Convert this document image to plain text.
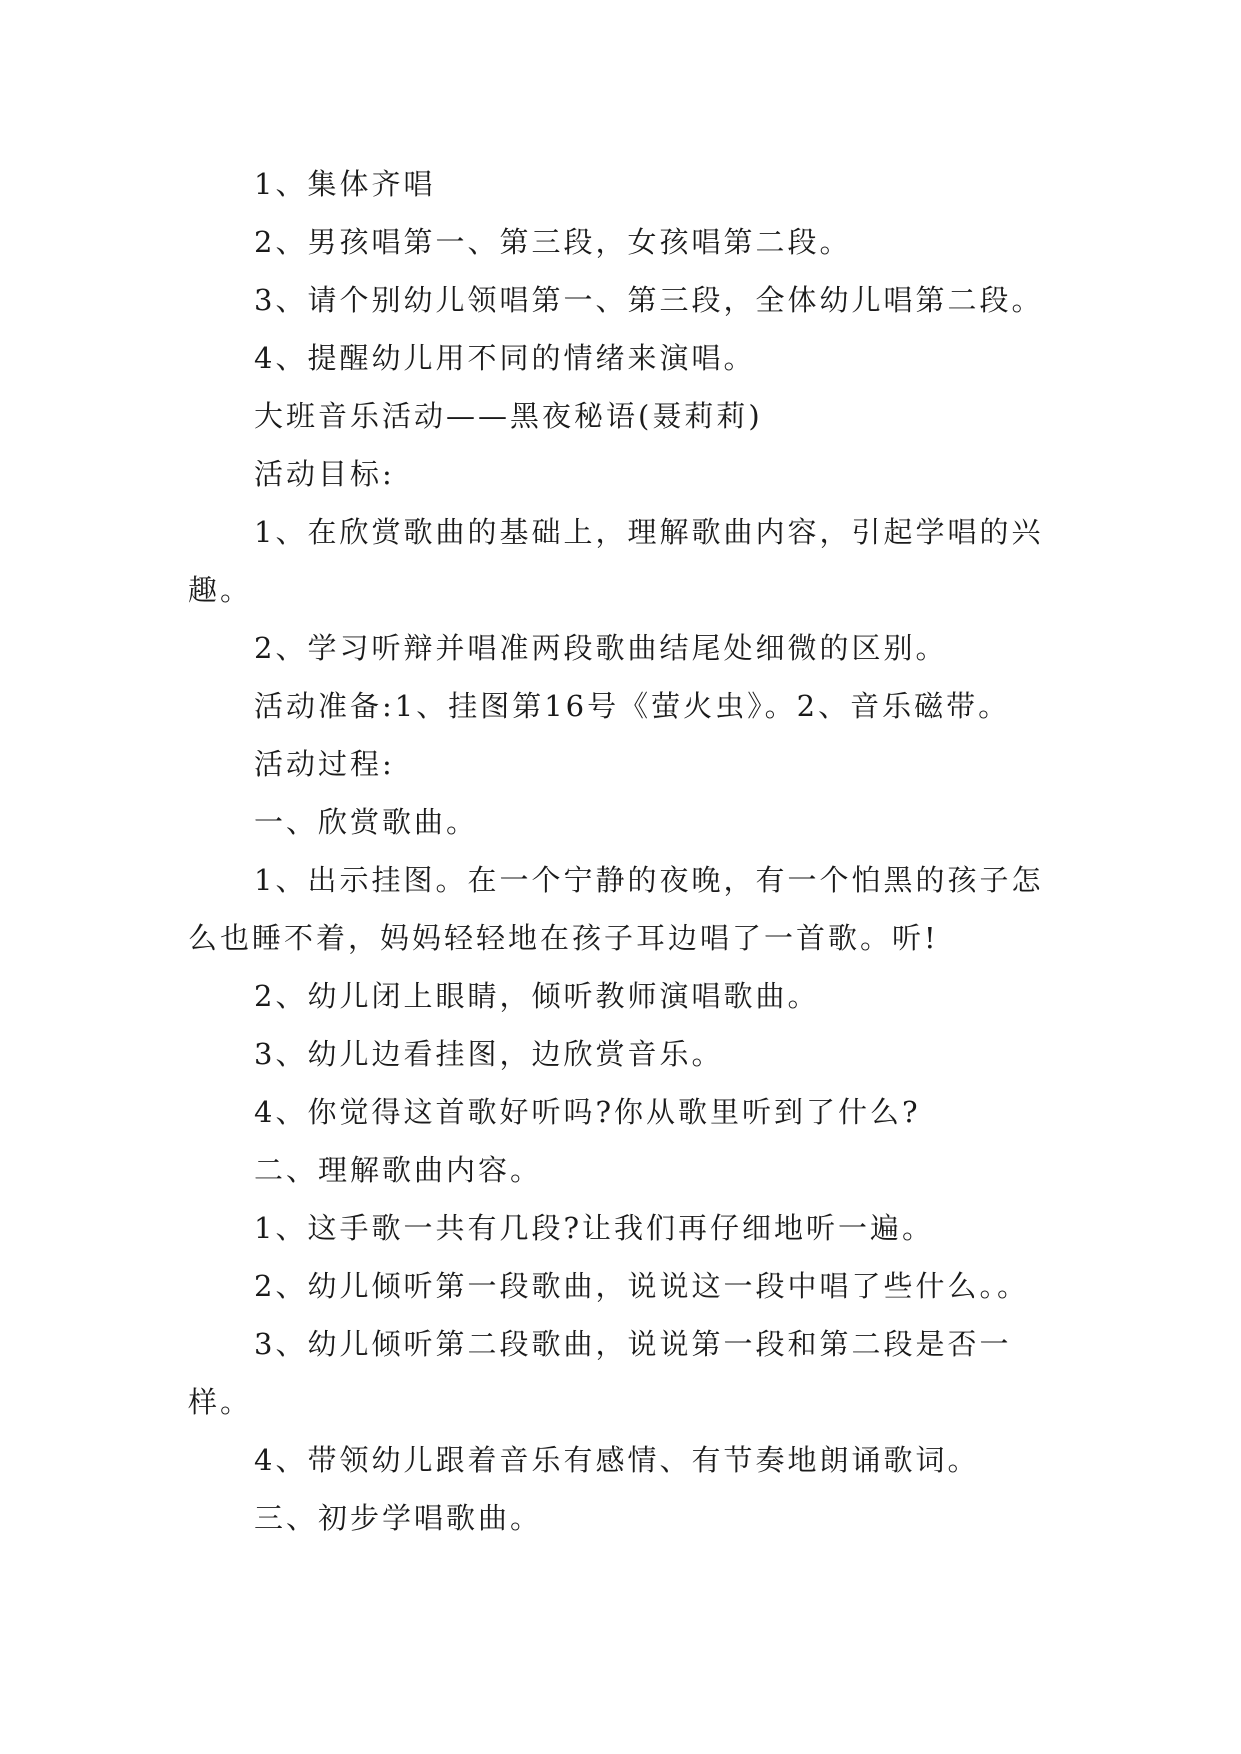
1、集体齐唱

2、男孩唱第一、第三段，女孩唱第二段。

3、请个别幼儿领唱第一、第三段，全体幼儿唱第二段。

4、提醒幼儿用不同的情绪来演唱。

大班音乐活动——黑夜秘语(聂莉莉)

活动目标:

1、在欣赏歌曲的基础上，理解歌曲内容，引起学唱的兴趣。

2、学习听辩并唱准两段歌曲结尾处细微的区别。

活动准备:1、挂图第16号《萤火虫》。2、音乐磁带。

活动过程:

一、欣赏歌曲。

1、出示挂图。在一个宁静的夜晚，有一个怕黑的孩子怎么也睡不着，妈妈轻轻地在孩子耳边唱了一首歌。听!

2、幼儿闭上眼睛，倾听教师演唱歌曲。

3、幼儿边看挂图，边欣赏音乐。

4、你觉得这首歌好听吗?你从歌里听到了什么?

二、理解歌曲内容。

1、这手歌一共有几段?让我们再仔细地听一遍。

2、幼儿倾听第一段歌曲，说说这一段中唱了些什么。。

3、幼儿倾听第二段歌曲，说说第一段和第二段是否一样。

4、带领幼儿跟着音乐有感情、有节奏地朗诵歌词。

三、初步学唱歌曲。
